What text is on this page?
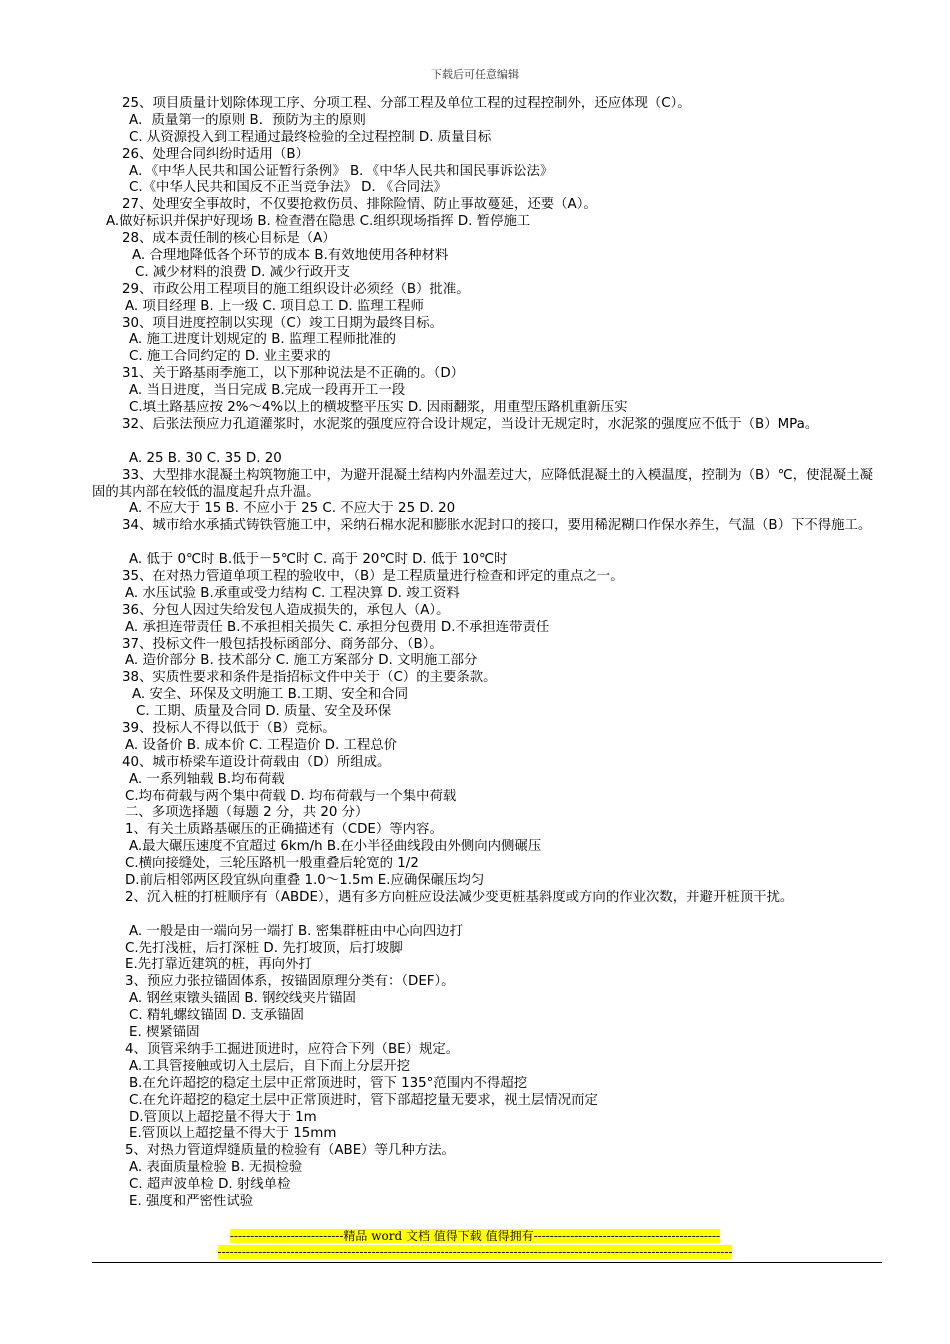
下载后可任意编辑
25、项目质量计划除体现工序、分项工程、分部工程及单位工程的过程控制外，还应体现（C）。
A．质量第一的原则 B．预防为主的原则
C. 从资源投入到工程通过最终检验的全过程控制 D. 质量目标
26、处理合同纠纷时适用（B）
A．《中华人民共和国公证暂行条例》 B．《中华人民共和国民事诉讼法》
C.《中华人民共和国反不正当竞争法》 D. 《合同法》
27、处理安全事故时，不仅要抢救伤员、排除险情、防止事故蔓延，还要（A）。
A.做好标识并保护好现场 B. 检查潜在隐患 C.组织现场指挥 D. 暂停施工
28、成本责任制的核心目标是（A）
A. 合理地降低各个环节的成本 B.有效地使用各种材料
C. 减少材料的浪费 D. 减少行政开支
29、市政公用工程项目的施工组织设计必须经（B）批准。
A. 项目经理 B. 上一级 C. 项目总工 D. 监理工程师
30、项目进度控制以实现（C）竣工日期为最终目标。
A. 施工进度计划规定的 B. 监理工程师批准的
C. 施工合同约定的 D. 业主要求的
31、关于路基雨季施工，以下那种说法是不正确的。（D）
A. 当日进度，当日完成 B.完成一段再开工一段
C.填土路基应按 2%～4%以上的横坡整平压实 D. 因雨翻浆，用重型压路机重新压实
32、后张法预应力孔道灌浆时，水泥浆的强度应符合设计规定，当设计无规定时，水泥浆的强度应不低于（B）MPa。
A. 25 B. 30 C. 35 D. 20
33、大型排水混凝土构筑物施工中，为避开混凝土结构内外温差过大，应降低混凝土的入模温度，控制为（B）℃，使混凝土凝固的其内部在较低的温度起升点升温。
A. 不应大于 15 B. 不应小于 25 C. 不应大于 25 D. 20
34、城市给水承插式铸铁管施工中，采纳石棉水泥和膨胀水泥封口的接口，要用稀泥糊口作保水养生，气温（B）下不得施工。
A. 低于 0℃时 B.低于－5℃时 C. 高于 20℃时 D. 低于 10℃时
35、在对热力管道单项工程的验收中，（B）是工程质量进行检查和评定的重点之一。
A. 水压试验 B.承重或受力结构 C. 工程决算 D. 竣工资料
36、分包人因过失给发包人造成损失的，承包人（A）。
A. 承担连带责任 B.不承担相关损失 C. 承担分包费用 D.不承担连带责任
37、投标文件一般包括投标函部分、商务部分、（B）。
A. 造价部分 B. 技术部分 C. 施工方案部分 D. 文明施工部分
38、实质性要求和条件是指招标文件中关于（C）的主要条款。
A. 安全、环保及文明施工 B.工期、安全和合同
C. 工期、质量及合同 D. 质量、安全及环保
39、投标人不得以低于（B）竞标。
A. 设备价 B. 成本价 C. 工程造价 D. 工程总价
40、城市桥梁车道设计荷载由（D）所组成。
A. 一系列轴载 B.均布荷载
C.均布荷载与两个集中荷载 D. 均布荷载与一个集中荷载
二、多项选择题（每题 2 分，共 20 分）
1、有关土质路基碾压的正确描述有（CDE）等内容。
A.最大碾压速度不宜超过 6km/h B.在小半径曲线段由外侧向内侧碾压
C.横向接缝处，三轮压路机一般重叠后轮宽的 1/2
D.前后相邻两区段宜纵向重叠 1.0～1.5m E.应确保碾压均匀
2、沉入桩的打桩顺序有（ABDE），遇有多方向桩应设法减少变更桩基斜度或方向的作业次数，并避开桩顶干扰。
A. 一般是由一端向另一端打 B. 密集群桩由中心向四边打
C.先打浅桩，后打深桩 D. 先打坡顶，后打坡脚
E.先打靠近建筑的桩，再向外打
3、预应力张拉锚固体系，按锚固原理分类有：（DEF）。
A. 钢丝束镦头锚固 B. 钢绞线夹片锚固
C. 精轧螺纹锚固 D. 支承锚固
E. 楔紧锚固
4、顶管采纳手工掘进顶进时，应符合下列（BE）规定。
A.工具管接触或切入土层后，自下而上分层开挖
B.在允许超挖的稳定土层中正常顶进时，管下 135°范围内不得超挖
C.在允许超挖的稳定土层中正常顶进时，管下部超挖量无要求，视土层情况而定
D.管顶以上超挖量不得大于 1m
E.管顶以上超挖量不得大于 15mm
5、对热力管道焊缝质量的检验有（ABE）等几种方法。
A. 表面质量检验 B. 无损检验
C. 超声波单检 D. 射线单检
E. 强度和严密性试验
----------------------------精品 word 文档 值得下载 值得拥有----------------------------------------------
-------------------------------------------------------------------------------------------------------------------------------
